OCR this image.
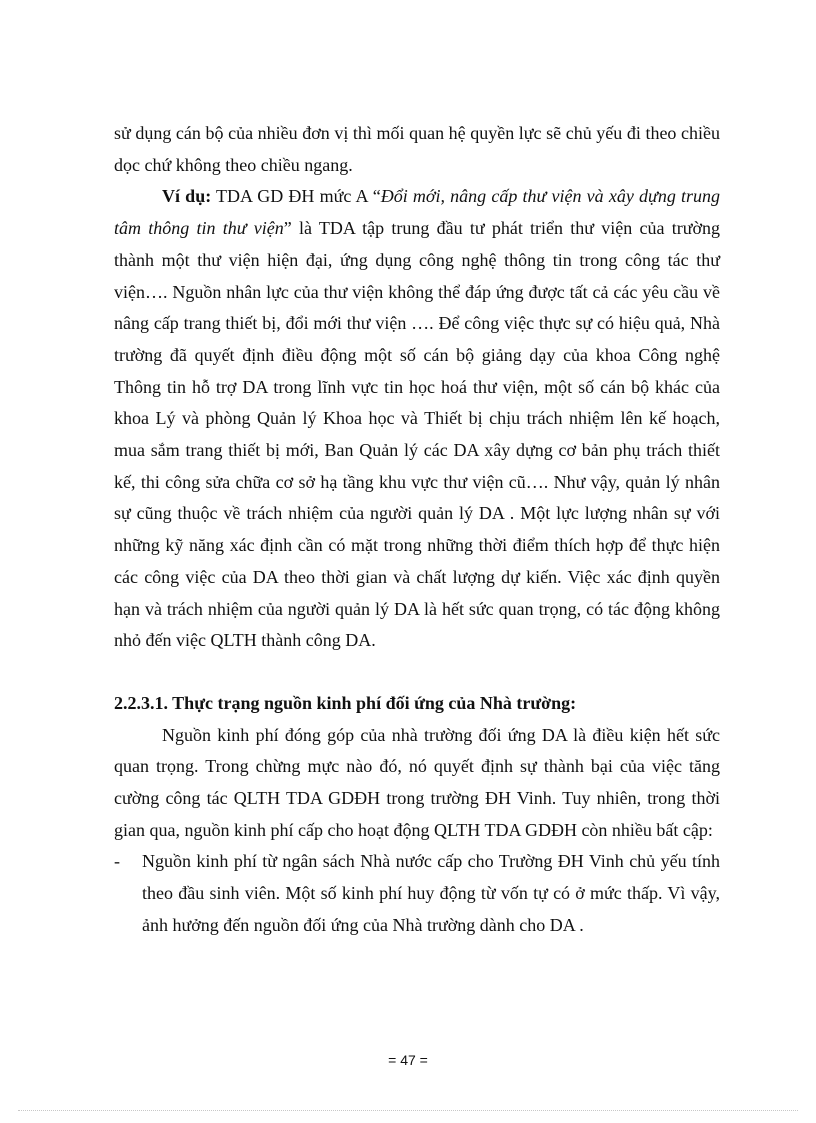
sử dụng cán bộ của nhiều đơn vị thì mối quan hệ quyền lực sẽ chủ yếu đi theo chiều dọc chứ không theo chiều ngang.

Ví dụ: TDA GD ĐH mức A “Đổi mới, nâng cấp thư viện và xây dựng trung tâm thông tin thư viện” là TDA tập trung đầu tư phát triển thư viện của trường thành một thư viện hiện đại, ứng dụng công nghệ thông tin trong công tác thư viện…. Nguồn nhân lực của thư viện không thể đáp ứng được tất cả các yêu cầu về nâng cấp trang thiết bị, đổi mới thư viện …. Để công việc thực sự có hiệu quả, Nhà trường đã quyết định điều động một số cán bộ giảng dạy của khoa Công nghệ Thông tin hỗ trợ DA trong lĩnh vực tin học hoá thư viện, một số cán bộ khác của khoa Lý và phòng Quản lý Khoa học và Thiết bị chịu trách nhiệm lên kế hoạch, mua sắm trang thiết bị mới, Ban Quản lý các DA xây dựng cơ bản phụ trách thiết kế, thi công sửa chữa cơ sở hạ tầng khu vực thư viện cũ…. Như vậy, quản lý nhân sự cũng thuộc về trách nhiệm của người quản lý DA . Một lực lượng nhân sự với những kỹ năng xác định cần có mặt trong những thời điểm thích hợp để thực hiện các công việc của DA theo thời gian và chất lượng dự kiến. Việc xác định quyền hạn và trách nhiệm của người quản lý DA là hết sức quan trọng, có tác động không nhỏ đến việc QLTH thành công DA.

2.2.3.1. Thực trạng nguồn kinh phí đối ứng của Nhà trường:

Nguồn kinh phí đóng góp của nhà trường đối ứng DA là điều kiện hết sức quan trọng. Trong chừng mực nào đó, nó quyết định sự thành bại của việc tăng cường công tác QLTH TDA GDĐH trong trường ĐH Vinh. Tuy nhiên, trong thời gian qua, nguồn kinh phí cấp cho hoạt động QLTH TDA GDĐH còn nhiều bất cập:

- Nguồn kinh phí từ ngân sách Nhà nước cấp cho Trường ĐH Vinh chủ yếu tính theo đầu sinh viên. Một số kinh phí huy động từ vốn tự có ở mức thấp. Vì vậy, ảnh hưởng đến nguồn đối ứng của Nhà trường dành cho DA .

= 47 =
